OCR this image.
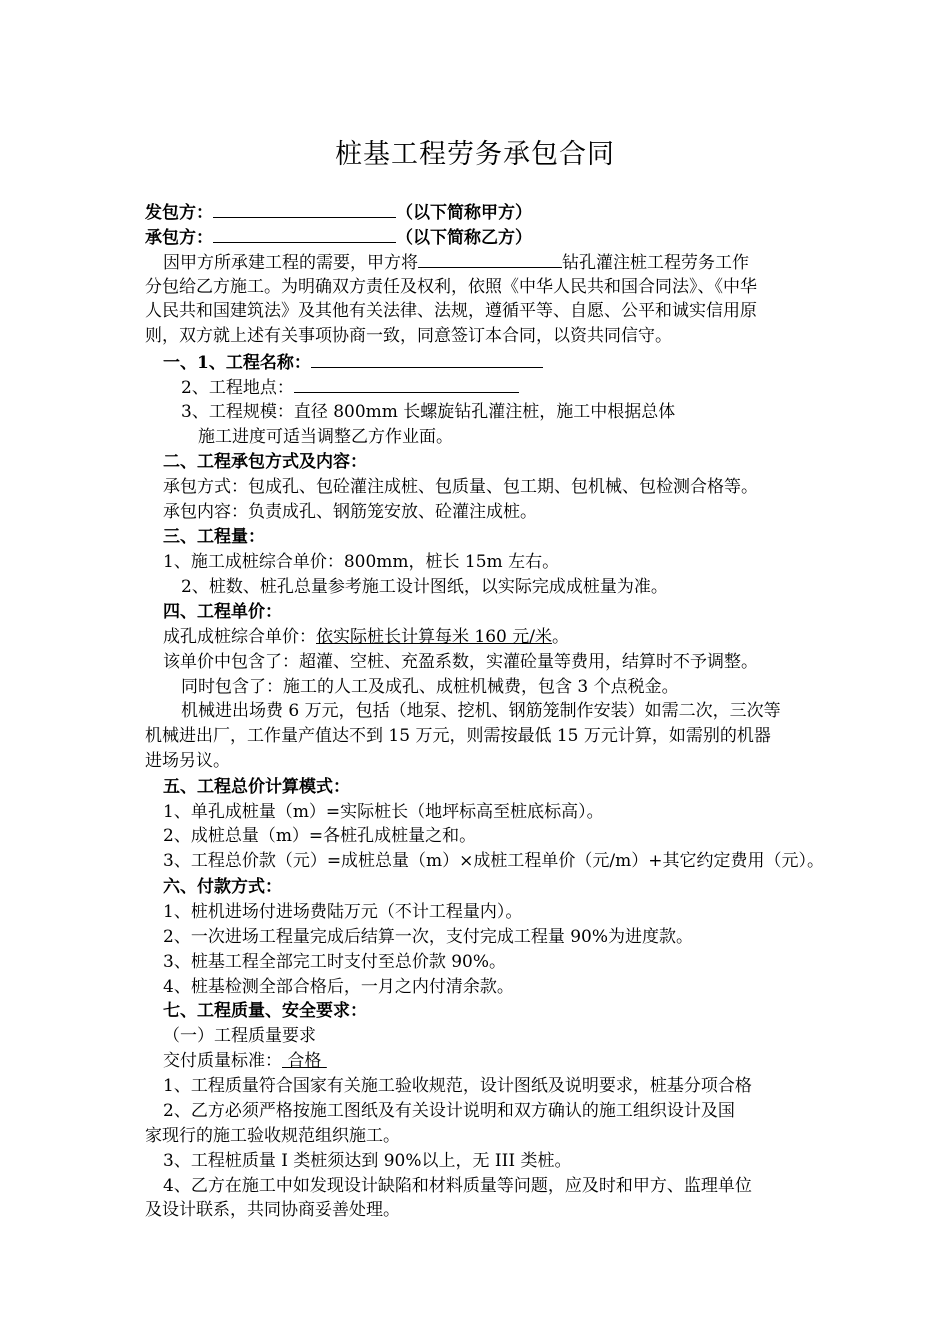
桩基工程劳务承包合同
发包方：	（以下简称甲方）
承包方：	（以下简称乙方）
因甲方所承建工程的需要，甲方将	钻孔灌注桩工程劳务工作
分包给乙方施工。为明确双方责任及权利，依照《中华人民共和国合同法》、《中华
人民共和国建筑法》及其他有关法律、法规，遵循平等、自愿、公平和诚实信用原
则，双方就上述有关事项协商一致，同意签订本合同，以资共同信守。
一、1、工程名称：
2、工程地点：
3、工程规模：直径 800mm 长螺旋钻孔灌注桩，施工中根据总体
施工进度可适当调整乙方作业面。
二、工程承包方式及内容：
承包方式：包成孔、包砼灌注成桩、包质量、包工期、包机械、包检测合格等。
承包内容：负责成孔、钢筋笼安放、砼灌注成桩。
三、工程量：
1、施工成桩综合单价：800mm，桩长 15m 左右。
2、桩数、桩孔总量参考施工设计图纸，以实际完成成桩量为准。
四、工程单价：
成孔成桩综合单价：依实际桩长计算每米 160 元/米。
该单价中包含了：超灌、空桩、充盈系数，实灌砼量等费用，结算时不予调整。
同时包含了：施工的人工及成孔、成桩机械费，包含 3 个点税金。
机械进出场费 6 万元，包括（地泵、挖机、钢筋笼制作安装）如需二次，三次等
机械进出厂，工作量产值达不到 15 万元，则需按最低 15 万元计算，如需别的机器
进场另议。
五、工程总价计算模式：
1、单孔成桩量（m）=实际桩长（地坪标高至桩底标高）。
2、成桩总量（m）=各桩孔成桩量之和。
3、工程总价款（元）=成桩总量（m）×成桩工程单价（元/m）+其它约定费用（元）。
六、付款方式：
1、桩机进场付进场费陆万元（不计工程量内）。
2、一次进场工程量完成后结算一次，支付完成工程量 90%为进度款。
3、桩基工程全部完工时支付至总价款 90%。
4、桩基检测全部合格后，一月之内付清余款。
七、工程质量、安全要求：
（一）工程质量要求
交付质量标准： 合格
1、工程质量符合国家有关施工验收规范，设计图纸及说明要求，桩基分项合格
2、乙方必须严格按施工图纸及有关设计说明和双方确认的施工组织设计及国
家现行的施工验收规范组织施工。
3、工程桩质量 I 类桩须达到 90%以上，无 III 类桩。
4、乙方在施工中如发现设计缺陷和材料质量等问题，应及时和甲方、监理单位
及设计联系，共同协商妥善处理。
